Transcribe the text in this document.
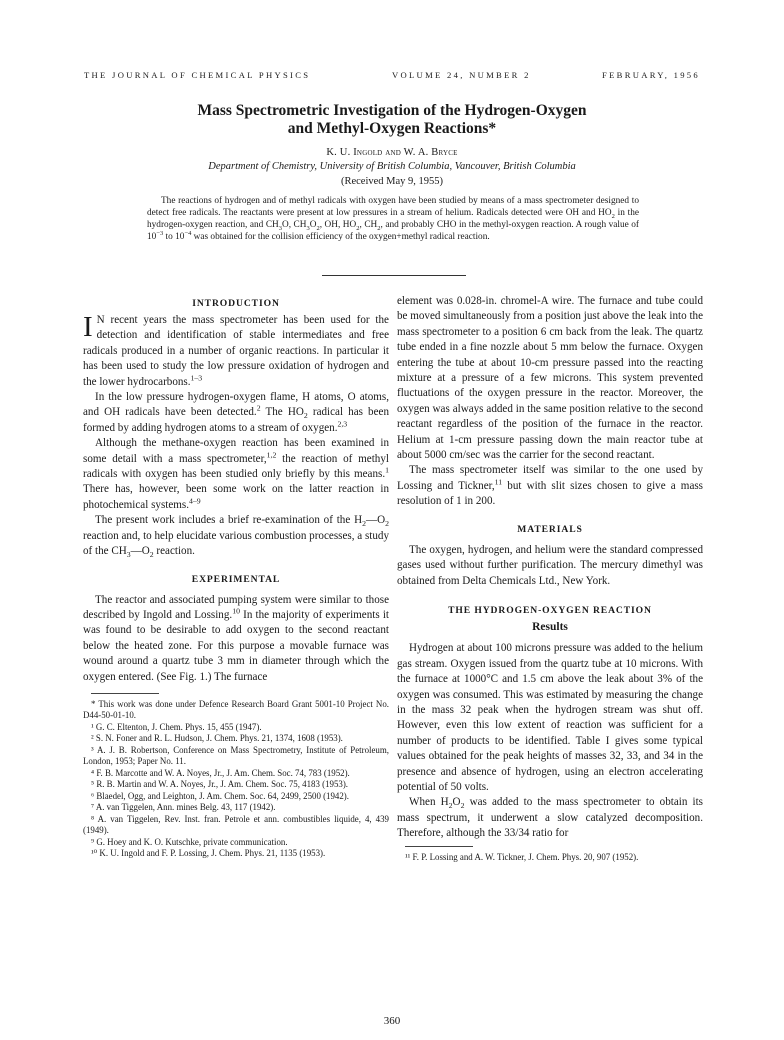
THE JOURNAL OF CHEMICAL PHYSICS	VOLUME 24, NUMBER 2	FEBRUARY, 1956
Mass Spectrometric Investigation of the Hydrogen-Oxygen
and Methyl-Oxygen Reactions*
K. U. Ingold and W. A. Bryce
Department of Chemistry, University of British Columbia, Vancouver, British Columbia
(Received May 9, 1955)
The reactions of hydrogen and of methyl radicals with oxygen have been studied by means of a mass spectrometer designed to detect free radicals. The reactants were present at low pressures in a stream of helium. Radicals detected were OH and $HO_2$ in the hydrogen-oxygen reaction, and $CH_3O$, $CH_3O_2$, OH, $HO_2$, $CH_2$, and probably CHO in the methyl-oxygen reaction. A rough value of $10^{-3}$ to $10^{-4}$ was obtained for the collision efficiency of the oxygen+methyl radical reaction.
INTRODUCTION

I N recent years the mass spectrometer has been used for the detection and identification of stable intermediates and free radicals produced in a number of organic reactions. In particular it has been used to study the low pressure oxidation of hydrogen and the lower hydrocarbons.$^{1-3}$

In the low pressure hydrogen-oxygen flame, H atoms, O atoms, and OH radicals have been detected.$^2$ The $HO_2$ radical has been formed by adding hydrogen atoms to a stream of oxygen.$^{2,3}$

Although the methane-oxygen reaction has been examined in some detail with a mass spectrometer,$^{1,2}$ the reaction of methyl radicals with oxygen has been studied only briefly by this means.$^1$ There has, however, been some work on the latter reaction in photochemical systems.$^{4-9}$

The present work includes a brief re-examination of the $H_2—O_2$ reaction and, to help elucidate various combustion processes, a study of the $CH_3—O_2$ reaction.

EXPERIMENTAL

The reactor and associated pumping system were similar to those described by Ingold and Lossing.$^{10}$ In the majority of experiments it was found to be desirable to add oxygen to the second reactant below the heated zone. For this purpose a movable furnace was wound around a quartz tube 3 mm in diameter through which the oxygen entered. (See Fig. 1.) The furnace

* This work was done under Defence Research Board Grant 5001-10 Project No. D44-50-01-10.
¹ G. C. Eltenton, J. Chem. Phys. 15, 455 (1947).
² S. N. Foner and R. L. Hudson, J. Chem. Phys. 21, 1374, 1608 (1953).
³ A. J. B. Robertson, Conference on Mass Spectrometry, Institute of Petroleum, London, 1953; Paper No. 11.
⁴ F. B. Marcotte and W. A. Noyes, Jr., J. Am. Chem. Soc. 74, 783 (1952).
⁵ R. B. Martin and W. A. Noyes, Jr., J. Am. Chem. Soc. 75, 4183 (1953).
⁶ Blaedel, Ogg, and Leighton, J. Am. Chem. Soc. 64, 2499, 2500 (1942).
⁷ A. van Tiggelen, Ann. mines Belg. 43, 117 (1942).
⁸ A. van Tiggelen, Rev. Inst. fran. Petrole et ann. combustibles liquide, 4, 439 (1949).
⁹ G. Hoey and K. O. Kutschke, private communication.
¹⁰ K. U. Ingold and F. P. Lossing, J. Chem. Phys. 21, 1135 (1953).

element was 0.028-in. chromel-A wire. The furnace and tube could be moved simultaneously from a position just above the leak into the mass spectrometer to a position 6 cm back from the leak. The quartz tube ended in a fine nozzle about 5 mm below the furnace. Oxygen entering the tube at about 10-cm pressure passed into the reacting mixture at a pressure of a few microns. This system prevented fluctuations of the oxygen pressure in the reactor. Moreover, the oxygen was always added in the same position relative to the second reactant regardless of the position of the furnace in the reactor. Helium at 1-cm pressure passing down the main reactor tube at about 5000 cm/sec was the carrier for the second reactant.

The mass spectrometer itself was similar to the one used by Lossing and Tickner,$^{11}$ but with slit sizes chosen to give a mass resolution of 1 in 200.

MATERIALS

The oxygen, hydrogen, and helium were the standard compressed gases used without further purification. The mercury dimethyl was obtained from Delta Chemicals Ltd., New York.

THE HYDROGEN-OXYGEN REACTION
Results

Hydrogen at about 100 microns pressure was added to the helium gas stream. Oxygen issued from the quartz tube at 10 microns. With the furnace at 1000°C and 1.5 cm above the leak about 3% of the oxygen was consumed. This was estimated by measuring the change in the mass 32 peak when the hydrogen stream was shut off. However, even this low extent of reaction was sufficient for a number of products to be identified. Table I gives some typical values obtained for the peak heights of masses 32, 33, and 34 in the presence and absence of hydrogen, using an electron accelerating potential of 50 volts.

When $H_2O_2$ was added to the mass spectrometer to obtain its mass spectrum, it underwent a slow catalyzed decomposition. Therefore, although the 33/34 ratio for

¹¹ F. P. Lossing and A. W. Tickner, J. Chem. Phys. 20, 907 (1952).
360
